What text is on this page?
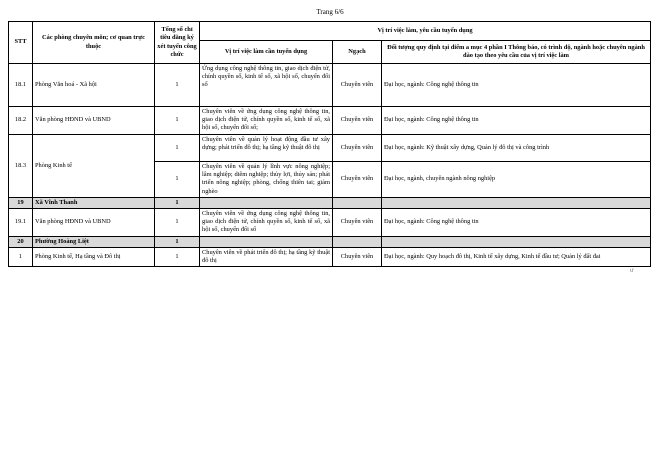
Trang 6/6
STT	Các phòng chuyên môn; cơ quan trực thuộc	Tổng số chỉ tiêu đăng ký xét tuyển công chức	Vị trí việc làm, yêu cầu tuyển dụng		
			Vị trí việc làm cần tuyển dụng	Ngạch	Đối tượng quy định tại điểm a mục 4 phần I Thông báo, có trình độ, ngành hoặc chuyên ngành đào tạo theo yêu cầu của vị trí việc làm
18.1	Phòng Văn hoá - Xã hội	1	Ứng dụng công nghệ thông tin, giao dịch điện tử, chính quyền số, kinh tế số, xã hội số, chuyển đổi số	Chuyên viên	Đại học, ngành: Công nghệ thông tin
18.2	Văn phòng HĐND và UBND	1	Chuyên viên về ứng dụng công nghệ thông tin, giao dịch điện tử, chính quyền số, kinh tế số, xã hội số, chuyển đổi số;	Chuyên viên	Đại học, ngành: Công nghệ thông tin
18.3	Phòng Kinh tế	1	Chuyên viên về quản lý hoạt động đầu tư xây dựng; phát triển đô thị; hạ tầng kỹ thuật đô thị	Chuyên viên	Đại học, ngành: Kỹ thuật xây dựng, Quản lý đô thị và công trình
		1	Chuyên viên về quản lý lĩnh vực nông nghiệp; lâm nghiệp; diêm nghiệp; thủy lợi, thủy sản; phát triển nông nghiệp; phòng, chống thiên tai; giảm nghèo	Chuyên viên	Đại học, ngành, chuyên ngành nông nghiệp
19	Xã Vĩnh Thanh	1			
19.1	Văn phòng HĐND và UBND	1	Chuyên viên về ứng dụng công nghệ thông tin, giao dịch điện tử, chính quyền số, kinh tế số, xã hội số, chuyển đổi số	Chuyên viên	Đại học, ngành: Công nghệ thông tin
20	Phường Hoàng Liệt	1			
1	Phòng Kinh tế, Hạ tầng và Đô thị	1	Chuyên viên về phát triển đô thị; hạ tầng kỹ thuật đô thị	Chuyên viên	Đại học, ngành: Quy hoạch đô thị, Kinh tế xây dựng, Kinh tế đầu tư; Quản lý đất đai
ư
